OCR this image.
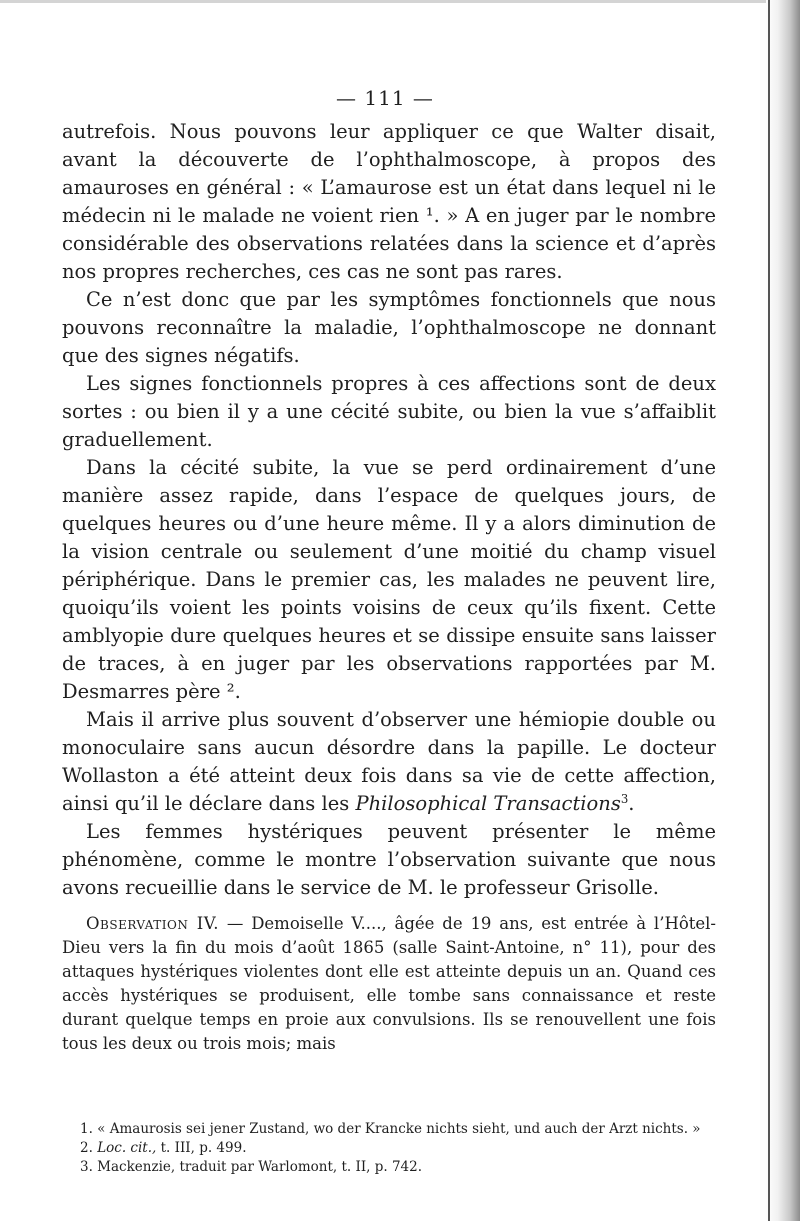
— 111 —

autrefois. Nous pouvons leur appliquer ce que Walter disait, avant la découverte de l’ophthalmoscope, à propos des amauroses en général : « L’amaurose est un état dans lequel ni le médecin ni le malade ne voient rien ¹. » A en juger par le nombre considérable des observations relatées dans la science et d’après nos propres recherches, ces cas ne sont pas rares.

Ce n’est donc que par les symptômes fonctionnels que nous pouvons reconnaître la maladie, l’ophthalmoscope ne donnant que des signes négatifs.

Les signes fonctionnels propres à ces affections sont de deux sortes : ou bien il y a une cécité subite, ou bien la vue s’affaiblit graduellement.

Dans la cécité subite, la vue se perd ordinairement d’une manière assez rapide, dans l’espace de quelques jours, de quelques heures ou d’une heure même. Il y a alors diminution de la vision centrale ou seulement d’une moitié du champ visuel périphérique. Dans le premier cas, les malades ne peuvent lire, quoiqu’ils voient les points voisins de ceux qu’ils fixent. Cette amblyopie dure quelques heures et se dissipe ensuite sans laisser de traces, à en juger par les observations rapportées par M. Desmarres père ².

Mais il arrive plus souvent d’observer une hémiopie double ou monoculaire sans aucun désordre dans la papille. Le docteur Wollaston a été atteint deux fois dans sa vie de cette affection, ainsi qu’il le déclare dans les Philosophical Transactions$^3$.

Les femmes hystériques peuvent présenter le même phénomène, comme le montre l’observation suivante que nous avons recueillie dans le service de M. le professeur Grisolle.

Observation IV. — Demoiselle V...., âgée de 19 ans, est entrée à l’Hôtel-Dieu vers la fin du mois d’août 1865 (salle Saint-Antoine, n° 11), pour des attaques hystériques violentes dont elle est atteinte depuis un an. Quand ces accès hystériques se produisent, elle tombe sans connaissance et reste durant quelque temps en proie aux convulsions. Ils se renouvellent une fois tous les deux ou trois mois; mais
1. « Amaurosis sei jener Zustand, wo der Krancke nichts sieht, und auch der Arzt nichts. »
2. Loc. cit., t. III, p. 499.
3. Mackenzie, traduit par Warlomont, t. II, p. 742.
